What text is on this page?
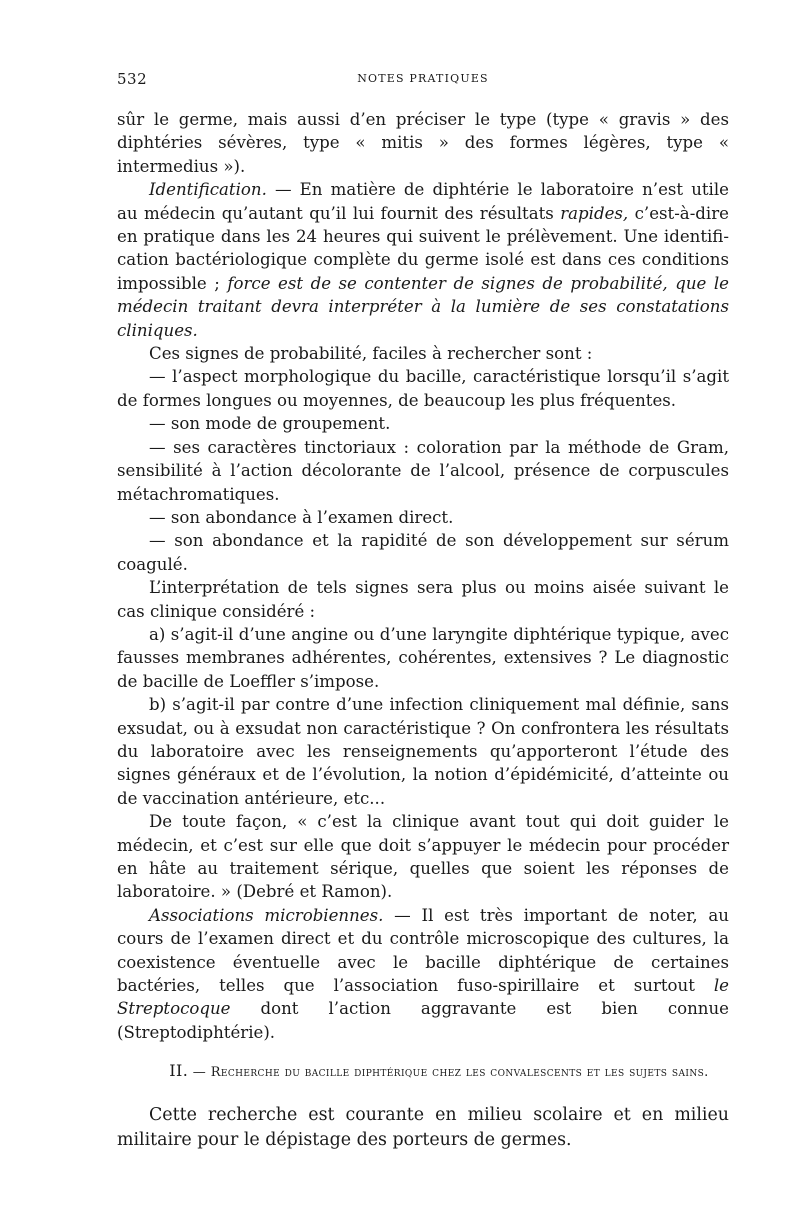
532	NOTES PRATIQUES

sûr le germe, mais aussi d’en préciser le type (type « gravis » des diphtéries sévères, type « mitis » des formes légères, type « intermedius »).

Identification. — En matière de diphtérie le laboratoire n’est utile au médecin qu’autant qu’il lui fournit des résultats rapides, c’est-à-dire en pratique dans les 24 heures qui suivent le prélèvement. Une identification bactériologique complète du germe isolé est dans ces conditions impossible ; force est de se contenter de signes de probabilité, que le médecin traitant devra interpréter à la lumière de ses constatations cliniques.

Ces signes de probabilité, faciles à rechercher sont :

— l’aspect morphologique du bacille, caractéristique lorsqu’il s’agit de formes longues ou moyennes, de beaucoup les plus fréquentes.

— son mode de groupement.

— ses caractères tinctoriaux : coloration par la méthode de Gram, sensibilité à l’action décolorante de l’alcool, présence de corpuscules métachromatiques.

— son abondance à l’examen direct.

— son abondance et la rapidité de son développement sur sérum coagulé.

L’interprétation de tels signes sera plus ou moins aisée suivant le cas clinique considéré :

a) s’agit-il d’une angine ou d’une laryngite diphtérique typique, avec fausses membranes adhérentes, cohérentes, extensives ? Le diagnostic de bacille de Loeffler s’impose.

b) s’agit-il par contre d’une infection cliniquement mal définie, sans exsudat, ou à exsudat non caractéristique ? On confrontera les résultats du laboratoire avec les renseignements qu’apporteront l’étude des signes généraux et de l’évolution, la notion d’épidémicité, d’atteinte ou de vaccination antérieure, etc...

De toute façon, « c’est la clinique avant tout qui doit guider le médecin, et c’est sur elle que doit s’appuyer le médecin pour procéder en hâte au traitement sérique, quelles que soient les réponses de laboratoire. » (Debré et Ramon).

Associations microbiennes. — Il est très important de noter, au cours de l’examen direct et du contrôle microscopique des cultures, la coexistence éventuelle avec le bacille diphtérique de certaines bactéries, telles que l’association fuso-spirillaire et surtout le Streptocoque dont l’action aggravante est bien connue (Streptodiphtérie).

II. — Recherche du bacille diphtérique chez les convalescents et les sujets sains.

Cette recherche est courante en milieu scolaire et en milieu militaire pour le dépistage des porteurs de germes.
